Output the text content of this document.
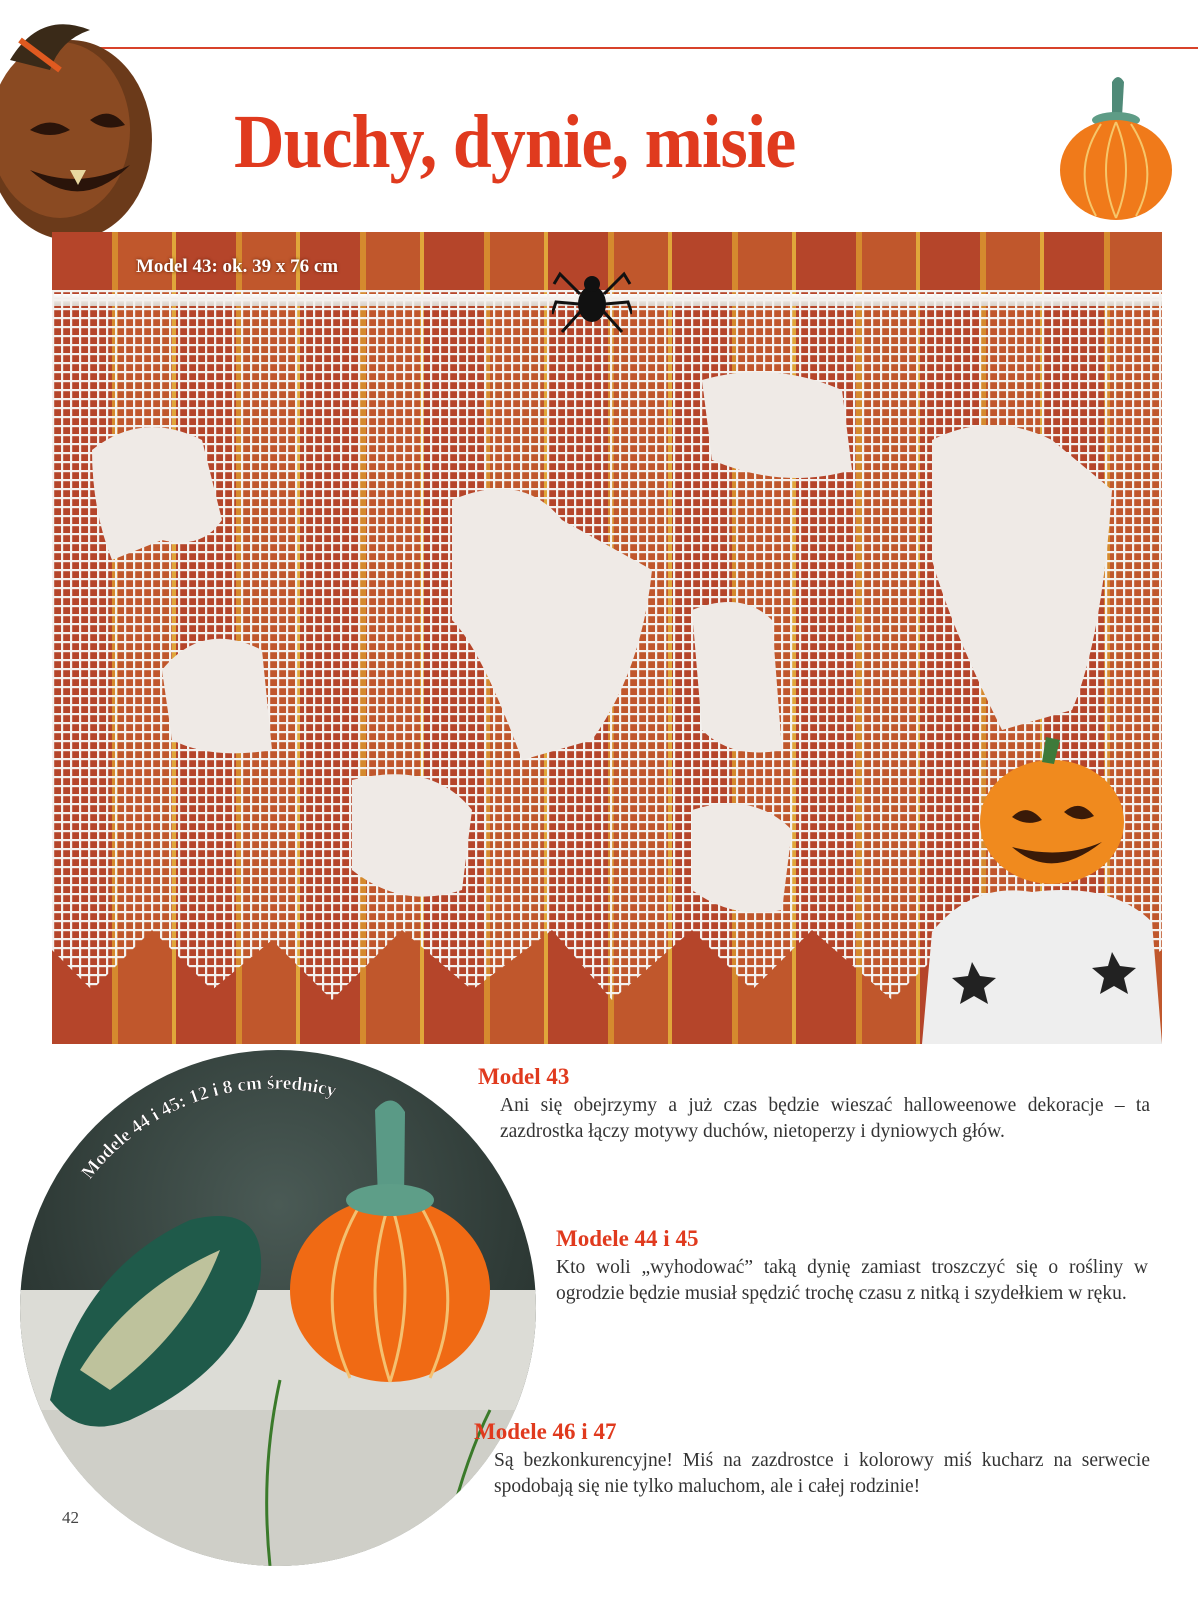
Duchy, dynie, misie
Model 43: ok. 39 x 76 cm
Modele 44 i 45: 12 i 8 cm średnicy
Model 43

Ani się obejrzymy a już czas będzie wieszać halloweenowe dekoracje – ta zazdrostka łączy motywy duchów, nietoperzy i dyniowych głów.

Modele 44 i 45

Kto woli „wyhodować” taką dynię zamiast troszczyć się o rośliny w ogrodzie będzie musiał spędzić trochę czasu z nitką i szydełkiem w ręku.

Modele 46 i 47

Są bezkonkurencyjne! Miś na zazdrostce i kolorowy miś kucharz na serwecie spodobają się nie tylko maluchom, ale i całej rodzinie!

42
